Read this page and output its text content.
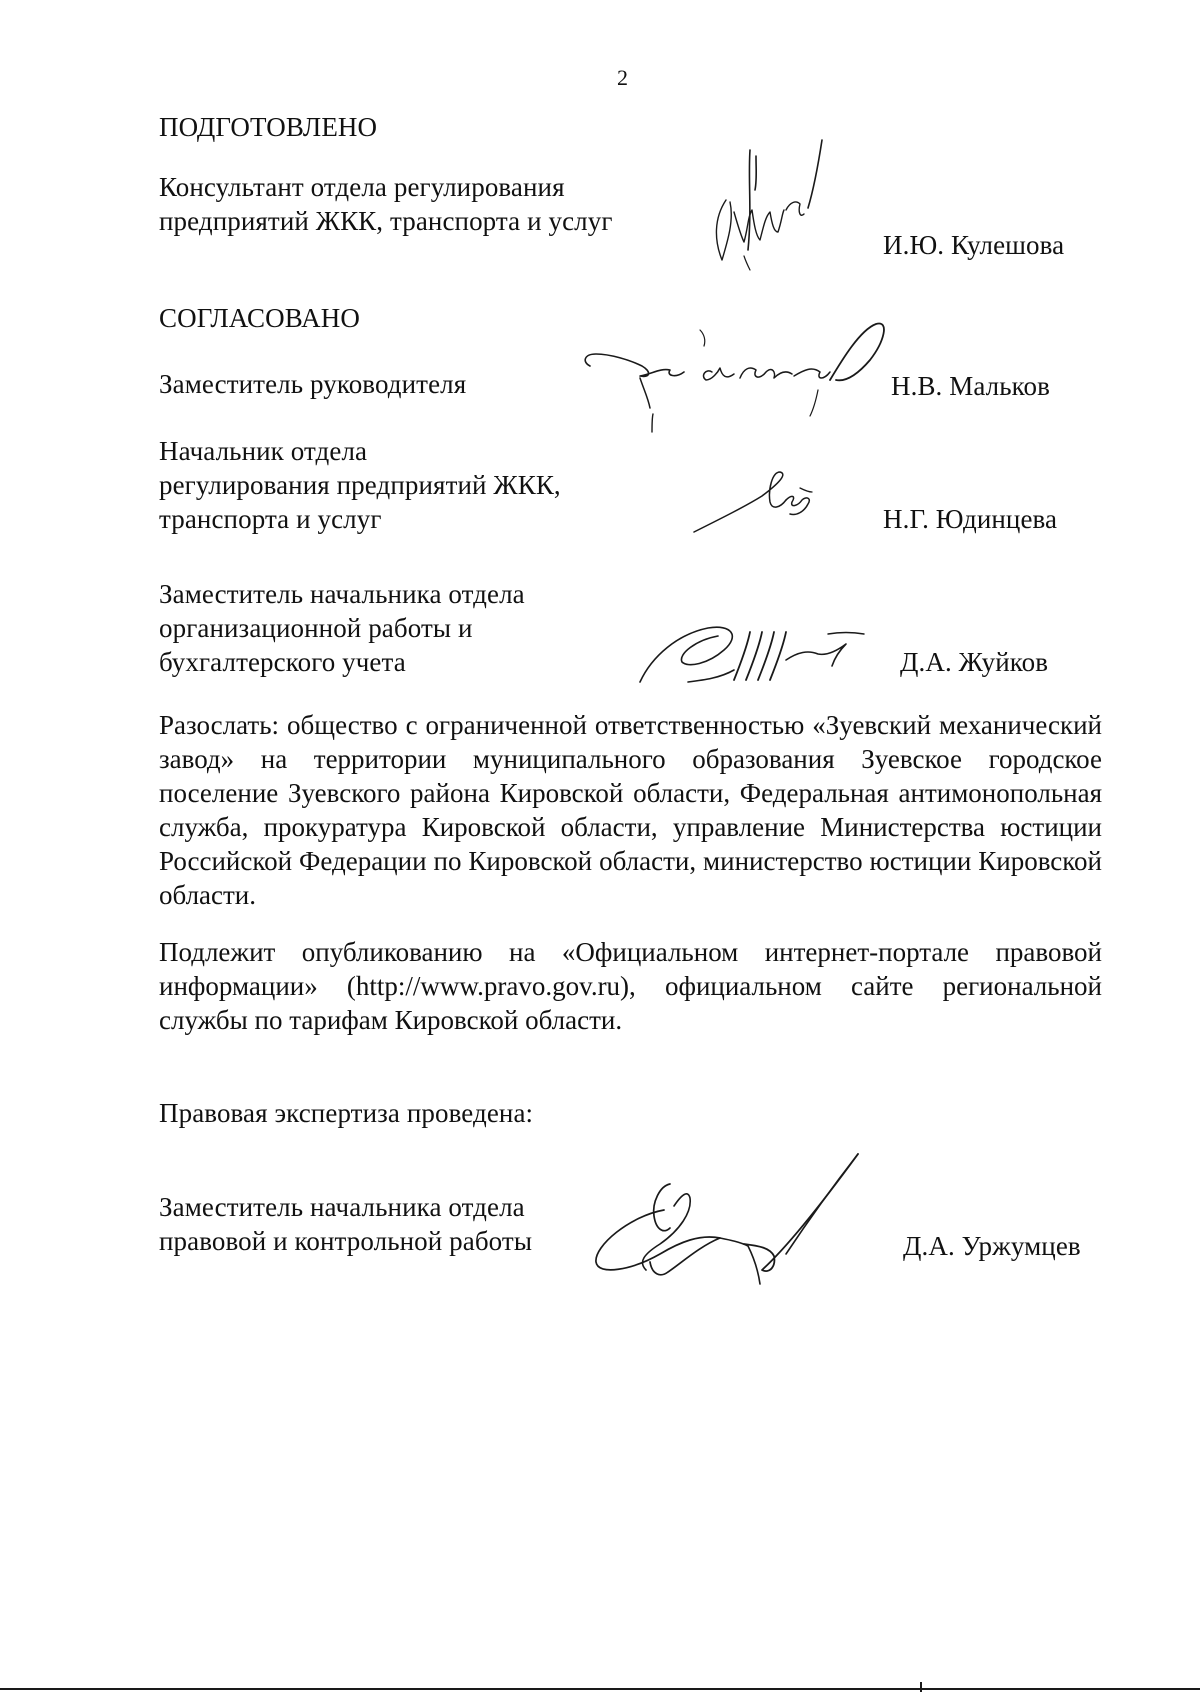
2
ПОДГОТОВЛЕНО
Консультант отдела регулирования
предприятий ЖКК, транспорта и услуг
И.Ю. Кулешова
СОГЛАСОВАНО
Заместитель руководителя	Н.В. Мальков
Начальник отдела
регулирования предприятий ЖКК,
транспорта и услуг	Н.Г. Юдинцева
Заместитель начальника отдела
организационной работы и
бухгалтерского учета	Д.А. Жуйков
Разослать: общество с ограниченной ответственностью «Зуевский механический завод» на территории муниципального образования Зуевское городское поселение Зуевского района Кировской области, Федеральная антимонопольная служба, прокуратура Кировской области, управление Министерства юстиции Российской Федерации по Кировской области, министерство юстиции Кировской области.
Подлежит опубликованию на «Официальном интернет-портале правовой информации» (http://www.pravo.gov.ru), официальном сайте региональной службы по тарифам Кировской области.
Правовая экспертиза проведена:
Заместитель начальника отдела
правовой и контрольной работы	Д.А. Уржумцев
